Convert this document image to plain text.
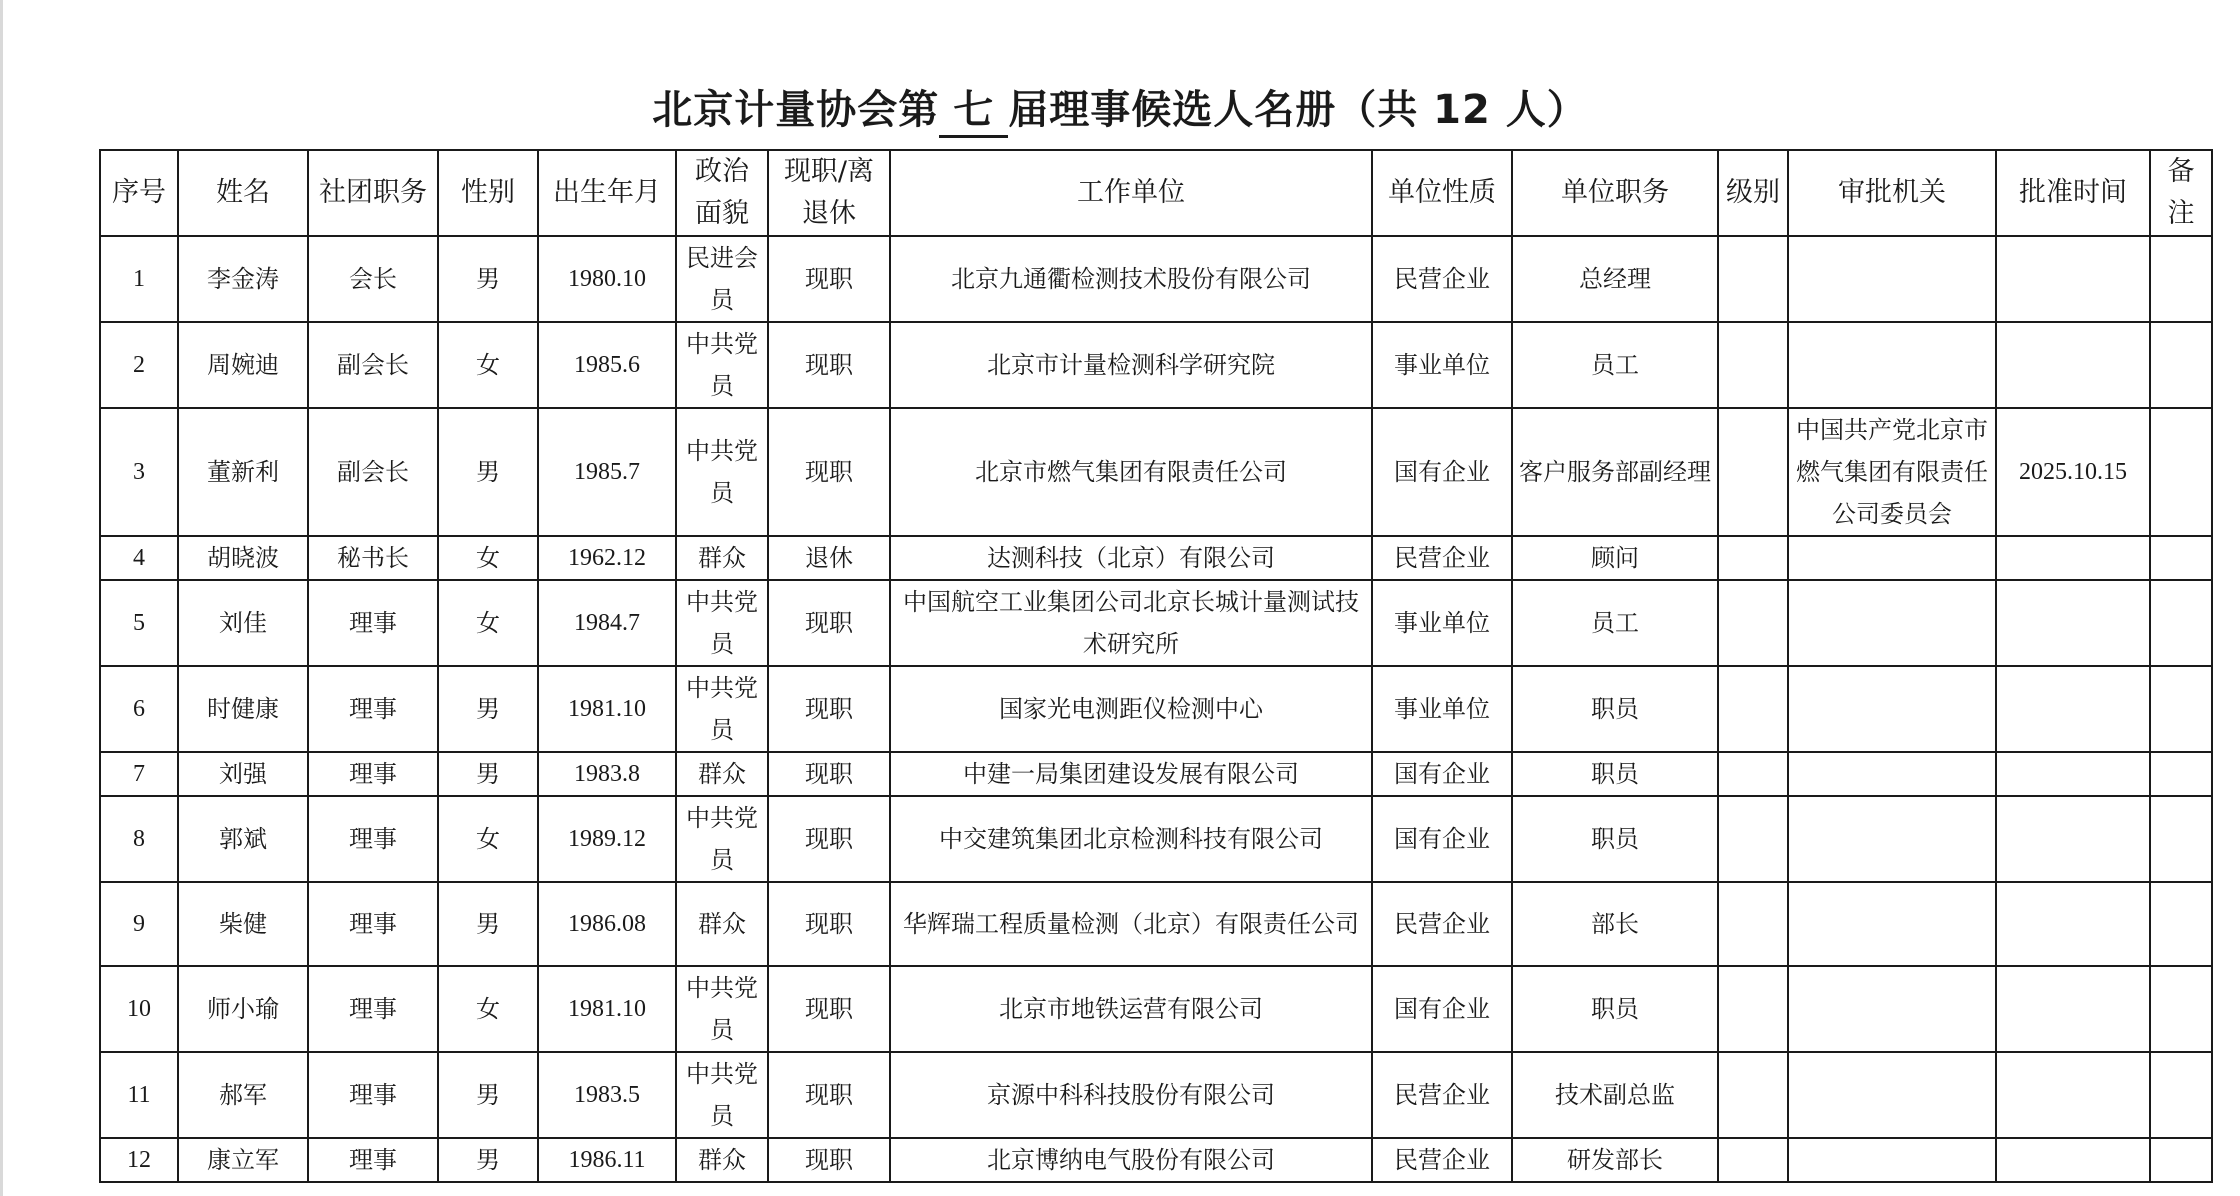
北京计量协会第 七 届理事候选人名册（共 12 人）
序号	姓名	社团职务	性别	出生年月	政治面貌	现职/离退休	工作单位	单位性质	单位职务	级别	审批机关	批准时间	备注
1	李金涛	会长	男	1980.10	民进会员	现职	北京九通衢检测技术股份有限公司	民营企业	总经理				
2	周婉迪	副会长	女	1985.6	中共党员	现职	北京市计量检测科学研究院	事业单位	员工				
3	董新利	副会长	男	1985.7	中共党员	现职	北京市燃气集团有限责任公司	国有企业	客户服务部副经理		中国共产党北京市燃气集团有限责任公司委员会	2025.10.15	
4	胡晓波	秘书长	女	1962.12	群众	退休	达测科技（北京）有限公司	民营企业	顾问				
5	刘佳	理事	女	1984.7	中共党员	现职	中国航空工业集团公司北京长城计量测试技术研究所	事业单位	员工				
6	时健康	理事	男	1981.10	中共党员	现职	国家光电测距仪检测中心	事业单位	职员				
7	刘强	理事	男	1983.8	群众	现职	中建一局集团建设发展有限公司	国有企业	职员				
8	郭斌	理事	女	1989.12	中共党员	现职	中交建筑集团北京检测科技有限公司	国有企业	职员				
9	柴健	理事	男	1986.08	群众	现职	华辉瑞工程质量检测（北京）有限责任公司	民营企业	部长				
10	师小瑜	理事	女	1981.10	中共党员	现职	北京市地铁运营有限公司	国有企业	职员				
11	郝军	理事	男	1983.5	中共党员	现职	京源中科科技股份有限公司	民营企业	技术副总监				
12	康立军	理事	男	1986.11	群众	现职	北京博纳电气股份有限公司	民营企业	研发部长				
